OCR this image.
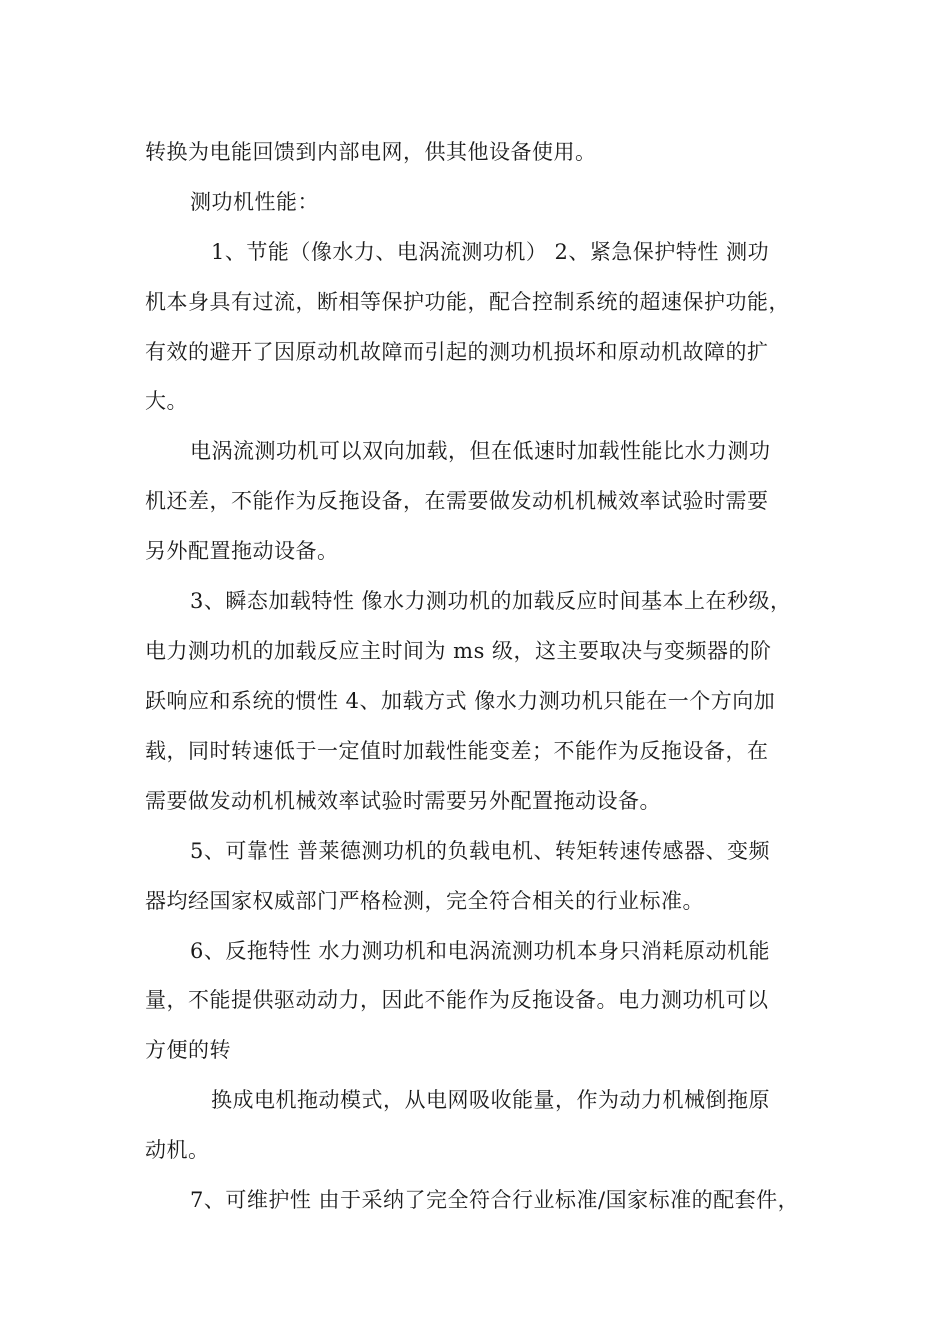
转换为电能回馈到内部电网，供其他设备使用。
测功机性能：
1、节能（像水力、电涡流测功机） 2、紧急保护特性 测功
机本身具有过流，断相等保护功能，配合控制系统的超速保护功能，
有效的避开了因原动机故障而引起的测功机损坏和原动机故障的扩
大。
电涡流测功机可以双向加载，但在低速时加载性能比水力测功
机还差，不能作为反拖设备，在需要做发动机机械效率试验时需要
另外配置拖动设备。
3、瞬态加载特性 像水力测功机的加载反应时间基本上在秒级，
电力测功机的加载反应主时间为 ms 级，这主要取决与变频器的阶
跃响应和系统的惯性 4、加载方式 像水力测功机只能在一个方向加
载，同时转速低于一定值时加载性能变差；不能作为反拖设备，在
需要做发动机机械效率试验时需要另外配置拖动设备。
5、可靠性 普莱德测功机的负载电机、转矩转速传感器、变频
器均经国家权威部门严格检测，完全符合相关的行业标准。
6、反拖特性 水力测功机和电涡流测功机本身只消耗原动机能
量，不能提供驱动动力，因此不能作为反拖设备。电力测功机可以
方便的转
换成电机拖动模式，从电网吸收能量，作为动力机械倒拖原
动机。
7、可维护性 由于采纳了完全符合行业标准/国家标准的配套件，
